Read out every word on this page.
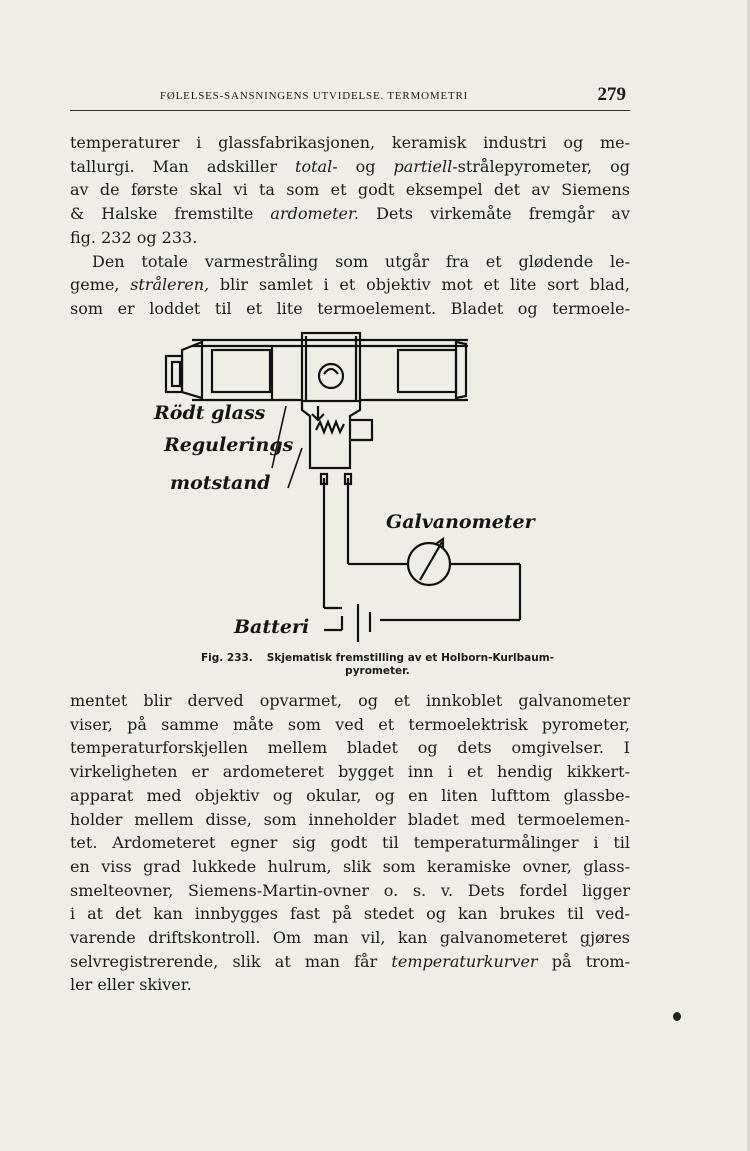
FØLELSES-SANSNINGENS UTVIDELSE. TERMOMETRI	279
temperaturer i glassfabrikasjonen, keramisk industri og me-
tallurgi. Man adskiller total- og partiell-strålepyrometer, og
av de første skal vi ta som et godt eksempel det av Siemens
& Halske fremstilte ardometer. Dets virkemåte fremgår av
fig. 232 og 233.
Den totale varmestråling som utgår fra et glødende le-
geme, stråleren, blir samlet i et objektiv mot et lite sort blad,
som er loddet til et lite termoelement. Bladet og termoele-
Rödt glass
Regulerings
motstand
Galvanometer
Batteri
Fig. 233. Skjematisk fremstilling av et Holborn-Kurlbaum-
pyrometer.
mentet blir derved opvarmet, og et innkoblet galvanometer
viser, på samme måte som ved et termoelektrisk pyrometer,
temperaturforskjellen mellem bladet og dets omgivelser. I
virkeligheten er ardometeret bygget inn i et hendig kikkert-
apparat med objektiv og okular, og en liten lufttom glassbe-
holder mellem disse, som inneholder bladet med termoelemen-
tet. Ardometeret egner sig godt til temperaturmålinger i til
en viss grad lukkede hulrum, slik som keramiske ovner, glass-
smelteovner, Siemens-Martin-ovner o. s. v. Dets fordel ligger
i at det kan innbygges fast på stedet og kan brukes til ved-
varende driftskontroll. Om man vil, kan galvanometeret gjøres
selvregistrerende, slik at man får temperaturkurver på trom-
ler eller skiver.
